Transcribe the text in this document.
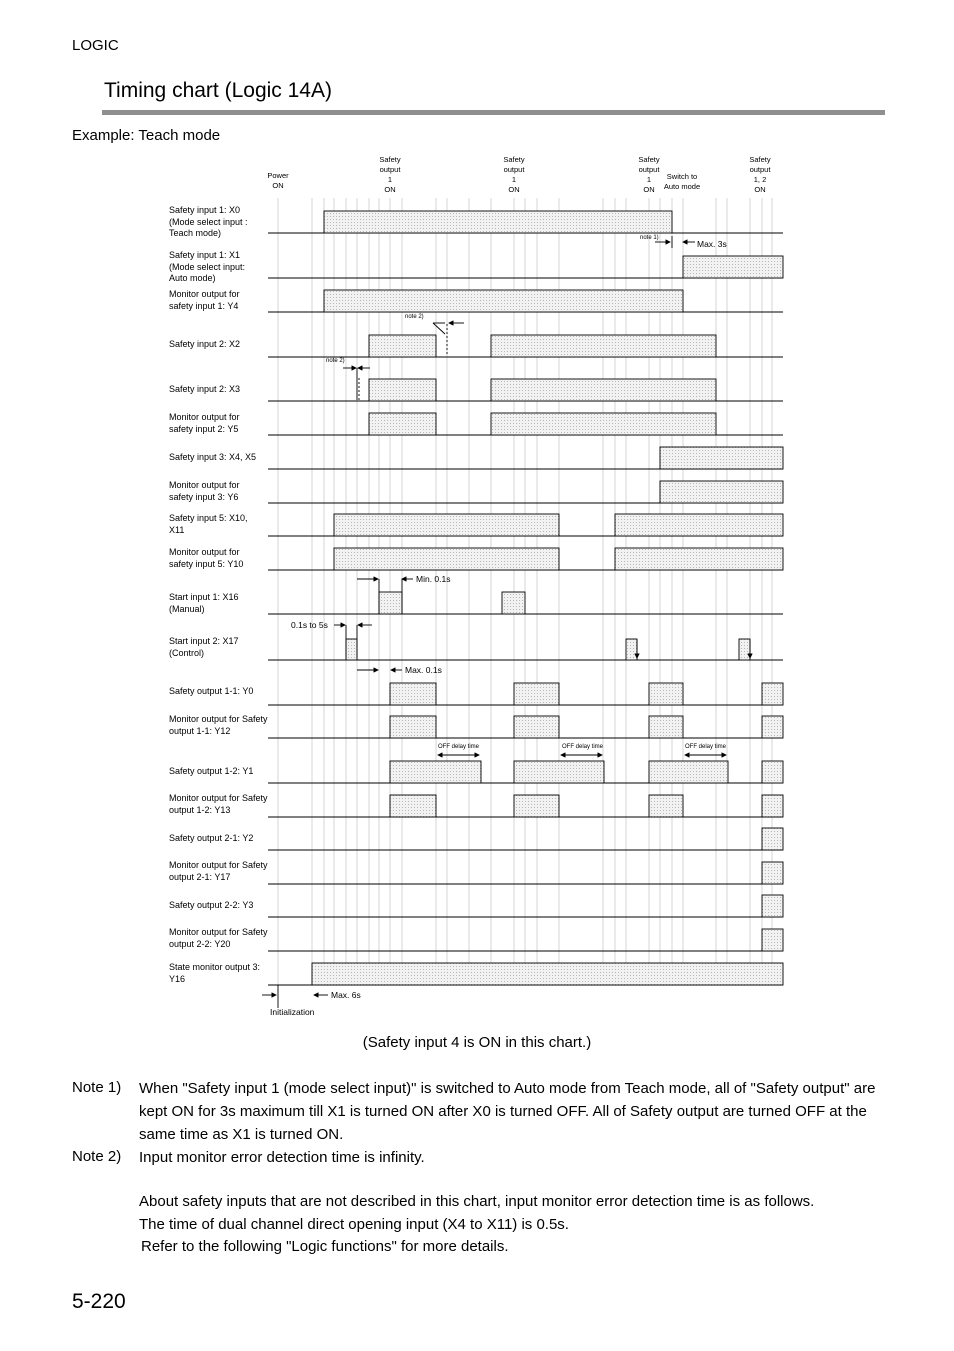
LOGIC
Timing chart (Logic 14A)
Example: Teach mode
Power
ON
Safety
output
1
ON
Safety
output
1
ON
Safety
output
1
ON
Switch to
Auto mode
Safety
output
1, 2
ON
Safety input 1: X0
(Mode select input :
Teach mode)
Safety input 1: X1
(Mode select input:
Auto mode)
Monitor output for
safety input 1: Y4
Safety input 2: X2
Safety input 2: X3
Monitor output for
safety input 2: Y5
Safety input 3: X4, X5
Monitor output for
safety input 3: Y6
Safety input 5: X10,
X11
Monitor output for
safety input 5: Y10
Start input 1: X16
(Manual)
Start input 2: X17
(Control)
Safety output 1-1: Y0
Monitor output for Safety
output 1-1: Y12
Safety output 1-2: Y1
Monitor output for Safety
output 1-2: Y13
Safety output 2-1: Y2
Monitor output for Safety
output 2-1: Y17
Safety output 2-2: Y3
Monitor output for Safety
output 2-2: Y20
State monitor output 3:
Y16
note 1)
Max. 3s
note 2)
note 2)
Min. 0.1s
0.1s to 5s
Max. 0.1s
OFF delay time	OFF delay time	OFF delay time
Max. 6s
Initialization
(Safety input 4 is ON in this chart.)
Note 1) When "Safety input 1 (mode select input)" is switched to Auto mode from Teach mode, all of "Safety output" are kept ON for 3s maximum till X1 is turned ON after X0 is turned OFF. All of Safety output are turned OFF at the same time as X1 is turned ON.
Note 2) Input monitor error detection time is infinity.
About safety inputs that are not described in this chart, input monitor error detection time is as follows.
The time of dual channel direct opening input (X4 to X11) is 0.5s.
Refer to the following "Logic functions" for more details.
5-220
